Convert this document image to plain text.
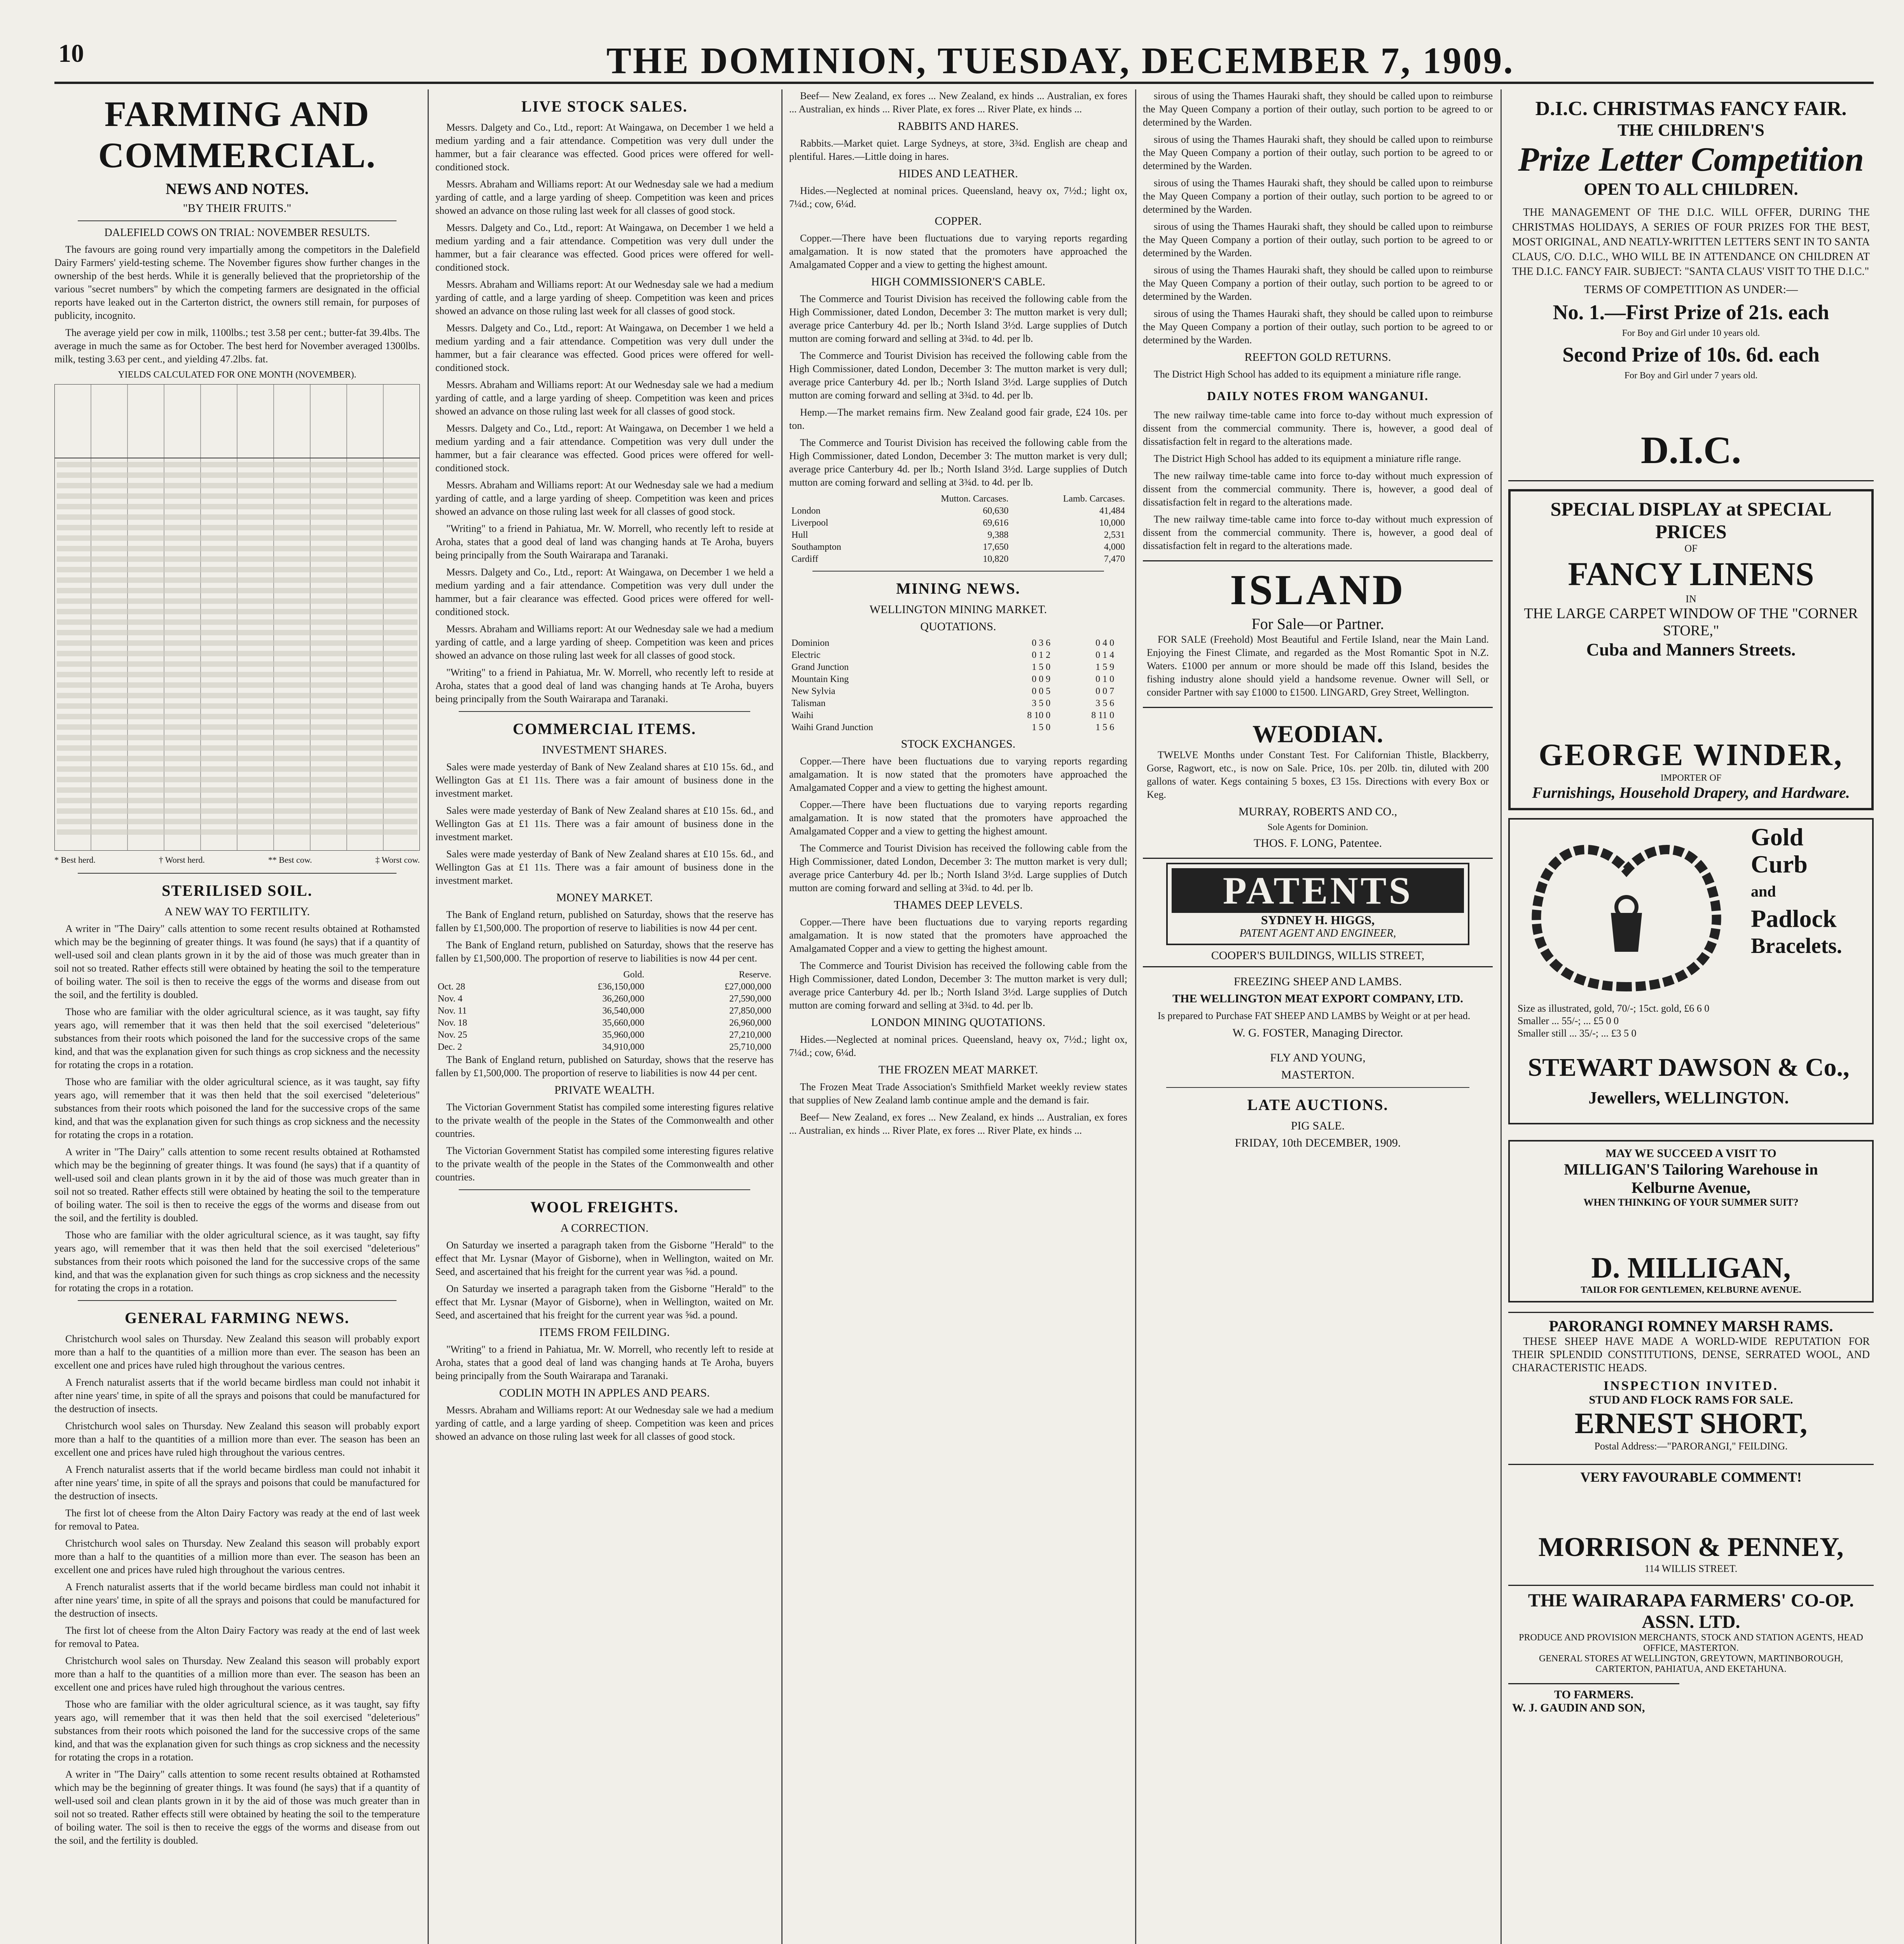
10	THE DOMINION, TUESDAY, DECEMBER 7, 1909.
FARMING AND COMMERCIAL.
NEWS AND NOTES.
"BY THEIR FRUITS."
DALEFIELD COWS ON TRIAL: NOVEMBER RESULTS.

The favours are going round very impartially among the competitors in the Dalefield Dairy Farmers' yield-testing scheme. The November figures show further changes in the ownership of the best herds. While it is generally believed that the proprietorship of the various "secret numbers" by which the competing farmers are designated in the official reports have leaked out in the Carterton district, the owners still remain, for purposes of publicity, incognito.

The average yield per cow in milk, 1100lbs.; test 3.58 per cent.; butter-fat 39.4lbs. The average in much the same as for October. The best herd for November averaged 1300lbs. milk, testing 3.63 per cent., and yielding 47.2lbs. fat.

YIELDS CALCULATED FOR ONE MONTH (NOVEMBER).
* Best herd.	† Worst herd.	** Best cow.	‡ Worst cow.
STERILISED SOIL.
A NEW WAY TO FERTILITY.

A writer in "The Dairy" calls attention to some recent results obtained at Rothamsted which may be the beginning of greater things. It was found (he says) that if a quantity of well-used soil and clean plants grown in it by the aid of those was much greater than in soil not so treated. Rather effects still were obtained by heating the soil to the temperature of boiling water. The soil is then to receive the eggs of the worms and disease from out the soil, and the fertility is doubled.

Those who are familiar with the older agricultural science, as it was taught, say fifty years ago, will remember that it was then held that the soil exercised "deleterious" substances from their roots which poisoned the land for the successive crops of the same kind, and that was the explanation given for such things as crop sickness and the necessity for rotating the crops in a rotation.

Those who are familiar with the older agricultural science, as it was taught, say fifty years ago, will remember that it was then held that the soil exercised "deleterious" substances from their roots which poisoned the land for the successive crops of the same kind, and that was the explanation given for such things as crop sickness and the necessity for rotating the crops in a rotation.

A writer in "The Dairy" calls attention to some recent results obtained at Rothamsted which may be the beginning of greater things. It was found (he says) that if a quantity of well-used soil and clean plants grown in it by the aid of those was much greater than in soil not so treated. Rather effects still were obtained by heating the soil to the temperature of boiling water. The soil is then to receive the eggs of the worms and disease from out the soil, and the fertility is doubled.

Those who are familiar with the older agricultural science, as it was taught, say fifty years ago, will remember that it was then held that the soil exercised "deleterious" substances from their roots which poisoned the land for the successive crops of the same kind, and that was the explanation given for such things as crop sickness and the necessity for rotating the crops in a rotation.

GENERAL FARMING NEWS.

Christchurch wool sales on Thursday. New Zealand this season will probably export more than a half to the quantities of a million more than ever. The season has been an excellent one and prices have ruled high throughout the various centres.

A French naturalist asserts that if the world became birdless man could not inhabit it after nine years' time, in spite of all the sprays and poisons that could be manufactured for the destruction of insects.

Christchurch wool sales on Thursday. New Zealand this season will probably export more than a half to the quantities of a million more than ever. The season has been an excellent one and prices have ruled high throughout the various centres.

A French naturalist asserts that if the world became birdless man could not inhabit it after nine years' time, in spite of all the sprays and poisons that could be manufactured for the destruction of insects.

The first lot of cheese from the Alton Dairy Factory was ready at the end of last week for removal to Patea.

Christchurch wool sales on Thursday. New Zealand this season will probably export more than a half to the quantities of a million more than ever. The season has been an excellent one and prices have ruled high throughout the various centres.

A French naturalist asserts that if the world became birdless man could not inhabit it after nine years' time, in spite of all the sprays and poisons that could be manufactured for the destruction of insects.

The first lot of cheese from the Alton Dairy Factory was ready at the end of last week for removal to Patea.

Christchurch wool sales on Thursday. New Zealand this season will probably export more than a half to the quantities of a million more than ever. The season has been an excellent one and prices have ruled high throughout the various centres.

Those who are familiar with the older agricultural science, as it was taught, say fifty years ago, will remember that it was then held that the soil exercised "deleterious" substances from their roots which poisoned the land for the successive crops of the same kind, and that was the explanation given for such things as crop sickness and the necessity for rotating the crops in a rotation.

A writer in "The Dairy" calls attention to some recent results obtained at Rothamsted which may be the beginning of greater things. It was found (he says) that if a quantity of well-used soil and clean plants grown in it by the aid of those was much greater than in soil not so treated. Rather effects still were obtained by heating the soil to the temperature of boiling water. The soil is then to receive the eggs of the worms and disease from out the soil, and the fertility is doubled.

LIVE STOCK SALES.

Messrs. Dalgety and Co., Ltd., report: At Waingawa, on December 1 we held a medium yarding and a fair attendance. Competition was very dull under the hammer, but a fair clearance was effected. Good prices were offered for well-conditioned stock.

Messrs. Abraham and Williams report: At our Wednesday sale we had a medium yarding of cattle, and a large yarding of sheep. Competition was keen and prices showed an advance on those ruling last week for all classes of good stock.

Messrs. Dalgety and Co., Ltd., report: At Waingawa, on December 1 we held a medium yarding and a fair attendance. Competition was very dull under the hammer, but a fair clearance was effected. Good prices were offered for well-conditioned stock.

Messrs. Abraham and Williams report: At our Wednesday sale we had a medium yarding of cattle, and a large yarding of sheep. Competition was keen and prices showed an advance on those ruling last week for all classes of good stock.

Messrs. Dalgety and Co., Ltd., report: At Waingawa, on December 1 we held a medium yarding and a fair attendance. Competition was very dull under the hammer, but a fair clearance was effected. Good prices were offered for well-conditioned stock.

Messrs. Abraham and Williams report: At our Wednesday sale we had a medium yarding of cattle, and a large yarding of sheep. Competition was keen and prices showed an advance on those ruling last week for all classes of good stock.

Messrs. Dalgety and Co., Ltd., report: At Waingawa, on December 1 we held a medium yarding and a fair attendance. Competition was very dull under the hammer, but a fair clearance was effected. Good prices were offered for well-conditioned stock.

Messrs. Abraham and Williams report: At our Wednesday sale we had a medium yarding of cattle, and a large yarding of sheep. Competition was keen and prices showed an advance on those ruling last week for all classes of good stock.

"Writing" to a friend in Pahiatua, Mr. W. Morrell, who recently left to reside at Aroha, states that a good deal of land was changing hands at Te Aroha, buyers being principally from the South Wairarapa and Taranaki.

Messrs. Dalgety and Co., Ltd., report: At Waingawa, on December 1 we held a medium yarding and a fair attendance. Competition was very dull under the hammer, but a fair clearance was effected. Good prices were offered for well-conditioned stock.

Messrs. Abraham and Williams report: At our Wednesday sale we had a medium yarding of cattle, and a large yarding of sheep. Competition was keen and prices showed an advance on those ruling last week for all classes of good stock.

"Writing" to a friend in Pahiatua, Mr. W. Morrell, who recently left to reside at Aroha, states that a good deal of land was changing hands at Te Aroha, buyers being principally from the South Wairarapa and Taranaki.

COMMERCIAL ITEMS.
INVESTMENT SHARES.

Sales were made yesterday of Bank of New Zealand shares at £10 15s. 6d., and Wellington Gas at £1 11s. There was a fair amount of business done in the investment market.

Sales were made yesterday of Bank of New Zealand shares at £10 15s. 6d., and Wellington Gas at £1 11s. There was a fair amount of business done in the investment market.

Sales were made yesterday of Bank of New Zealand shares at £10 15s. 6d., and Wellington Gas at £1 11s. There was a fair amount of business done in the investment market.

MONEY MARKET.

The Bank of England return, published on Saturday, shows that the reserve has fallen by £1,500,000. The proportion of reserve to liabilities is now 44 per cent.

The Bank of England return, published on Saturday, shows that the reserve has fallen by £1,500,000. The proportion of reserve to liabilities is now 44 per cent.

	Gold.	Reserve.
Oct. 28	£36,150,000	£27,000,000
Nov. 4	36,260,000	27,590,000
Nov. 11	36,540,000	27,850,000
Nov. 18	35,660,000	26,960,000
Nov. 25	35,960,000	27,210,000
Dec. 2	34,910,000	25,710,000

The Bank of England return, published on Saturday, shows that the reserve has fallen by £1,500,000. The proportion of reserve to liabilities is now 44 per cent.

PRIVATE WEALTH.

The Victorian Government Statist has compiled some interesting figures relative to the private wealth of the people in the States of the Commonwealth and other countries.

The Victorian Government Statist has compiled some interesting figures relative to the private wealth of the people in the States of the Commonwealth and other countries.

WOOL FREIGHTS.
A CORRECTION.

On Saturday we inserted a paragraph taken from the Gisborne "Herald" to the effect that Mr. Lysnar (Mayor of Gisborne), when in Wellington, waited on Mr. Seed, and ascertained that his freight for the current year was ⅝d. a pound.

On Saturday we inserted a paragraph taken from the Gisborne "Herald" to the effect that Mr. Lysnar (Mayor of Gisborne), when in Wellington, waited on Mr. Seed, and ascertained that his freight for the current year was ⅝d. a pound.

ITEMS FROM FEILDING.

"Writing" to a friend in Pahiatua, Mr. W. Morrell, who recently left to reside at Aroha, states that a good deal of land was changing hands at Te Aroha, buyers being principally from the South Wairarapa and Taranaki.

CODLIN MOTH IN APPLES AND PEARS.

Messrs. Abraham and Williams report: At our Wednesday sale we had a medium yarding of cattle, and a large yarding of sheep. Competition was keen and prices showed an advance on those ruling last week for all classes of good stock.

Beef— New Zealand, ex fores ... New Zealand, ex hinds ... Australian, ex fores ... Australian, ex hinds ... River Plate, ex fores ... River Plate, ex hinds ...

RABBITS AND HARES.

Rabbits.—Market quiet. Large Sydneys, at store, 3¾d. English are cheap and plentiful. Hares.—Little doing in hares.

HIDES AND LEATHER.

Hides.—Neglected at nominal prices. Queensland, heavy ox, 7½d.; light ox, 7¼d.; cow, 6¼d.

COPPER.

Copper.—There have been fluctuations due to varying reports regarding amalgamation. It is now stated that the promoters have approached the Amalgamated Copper and a view to getting the highest amount.

HIGH COMMISSIONER'S CABLE.

The Commerce and Tourist Division has received the following cable from the High Commissioner, dated London, December 3: The mutton market is very dull; average price Canterbury 4d. per lb.; North Island 3½d. Large supplies of Dutch mutton are coming forward and selling at 3¾d. to 4d. per lb.

The Commerce and Tourist Division has received the following cable from the High Commissioner, dated London, December 3: The mutton market is very dull; average price Canterbury 4d. per lb.; North Island 3½d. Large supplies of Dutch mutton are coming forward and selling at 3¾d. to 4d. per lb.

Hemp.—The market remains firm. New Zealand good fair grade, £24 10s. per ton.

The Commerce and Tourist Division has received the following cable from the High Commissioner, dated London, December 3: The mutton market is very dull; average price Canterbury 4d. per lb.; North Island 3½d. Large supplies of Dutch mutton are coming forward and selling at 3¾d. to 4d. per lb.

	Mutton. Carcases.	Lamb. Carcases.
London	60,630	41,484
Liverpool	69,616	10,000
Hull	9,388	2,531
Southampton	17,650	4,000
Cardiff	10,820	7,470
MINING NEWS.
WELLINGTON MINING MARKET.
QUOTATIONS.
Dominion	0 3 6	0 4 0	
Electric	0 1 2	0 1 4	
Grand Junction	1 5 0	1 5 9	
Mountain King	0 0 9	0 1 0	
New Sylvia	0 0 5	0 0 7	
Talisman	3 5 0	3 5 6	
Waihi	8 10 0	8 11 0	
Waihi Grand Junction	1 5 0	1 5 6	
STOCK EXCHANGES.

Copper.—There have been fluctuations due to varying reports regarding amalgamation. It is now stated that the promoters have approached the Amalgamated Copper and a view to getting the highest amount.

Copper.—There have been fluctuations due to varying reports regarding amalgamation. It is now stated that the promoters have approached the Amalgamated Copper and a view to getting the highest amount.

The Commerce and Tourist Division has received the following cable from the High Commissioner, dated London, December 3: The mutton market is very dull; average price Canterbury 4d. per lb.; North Island 3½d. Large supplies of Dutch mutton are coming forward and selling at 3¾d. to 4d. per lb.

THAMES DEEP LEVELS.

Copper.—There have been fluctuations due to varying reports regarding amalgamation. It is now stated that the promoters have approached the Amalgamated Copper and a view to getting the highest amount.

The Commerce and Tourist Division has received the following cable from the High Commissioner, dated London, December 3: The mutton market is very dull; average price Canterbury 4d. per lb.; North Island 3½d. Large supplies of Dutch mutton are coming forward and selling at 3¾d. to 4d. per lb.

LONDON MINING QUOTATIONS.

Hides.—Neglected at nominal prices. Queensland, heavy ox, 7½d.; light ox, 7¼d.; cow, 6¼d.

THE FROZEN MEAT MARKET.

The Frozen Meat Trade Association's Smithfield Market weekly review states that supplies of New Zealand lamb continue ample and the demand is fair.

Beef— New Zealand, ex fores ... New Zealand, ex hinds ... Australian, ex fores ... Australian, ex hinds ... River Plate, ex fores ... River Plate, ex hinds ...

sirous of using the Thames Hauraki shaft, they should be called upon to reimburse the May Queen Company a portion of their outlay, such portion to be agreed to or determined by the Warden.

sirous of using the Thames Hauraki shaft, they should be called upon to reimburse the May Queen Company a portion of their outlay, such portion to be agreed to or determined by the Warden.

sirous of using the Thames Hauraki shaft, they should be called upon to reimburse the May Queen Company a portion of their outlay, such portion to be agreed to or determined by the Warden.

sirous of using the Thames Hauraki shaft, they should be called upon to reimburse the May Queen Company a portion of their outlay, such portion to be agreed to or determined by the Warden.

sirous of using the Thames Hauraki shaft, they should be called upon to reimburse the May Queen Company a portion of their outlay, such portion to be agreed to or determined by the Warden.

sirous of using the Thames Hauraki shaft, they should be called upon to reimburse the May Queen Company a portion of their outlay, such portion to be agreed to or determined by the Warden.

REEFTON GOLD RETURNS.

The District High School has added to its equipment a miniature rifle range.

DAILY NOTES FROM WANGANUI.

The new railway time-table came into force to-day without much expression of dissent from the commercial community. There is, however, a good deal of dissatisfaction felt in regard to the alterations made.

The District High School has added to its equipment a miniature rifle range.

The new railway time-table came into force to-day without much expression of dissent from the commercial community. There is, however, a good deal of dissatisfaction felt in regard to the alterations made.

The new railway time-table came into force to-day without much expression of dissent from the commercial community. There is, however, a good deal of dissatisfaction felt in regard to the alterations made.

ISLAND
For Sale—or Partner.

FOR SALE (Freehold) Most Beautiful and Fertile Island, near the Main Land. Enjoying the Finest Climate, and regarded as the Most Romantic Spot in N.Z. Waters. £1000 per annum or more should be made off this Island, besides the fishing industry alone should yield a handsome revenue. Owner will Sell, or consider Partner with say £1000 to £1500. LINGARD, Grey Street, Wellington.

WEODIAN.

TWELVE Months under Constant Test. For Californian Thistle, Blackberry, Gorse, Ragwort, etc., is now on Sale. Price, 10s. per 20lb. tin, diluted with 200 gallons of water. Kegs containing 5 boxes, £3 15s. Directions with every Box or Keg.

MURRAY, ROBERTS AND CO.,
Sole Agents for Dominion.
THOS. F. LONG, Patentee.
PATENTS
SYDNEY H. HIGGS,
PATENT AGENT AND ENGINEER,
COOPER'S BUILDINGS, WILLIS STREET,
FREEZING SHEEP AND LAMBS.
THE WELLINGTON MEAT EXPORT COMPANY, LTD.

Is prepared to Purchase FAT SHEEP AND LAMBS by Weight or at per head.

W. G. FOSTER, Managing Director.
FLY AND YOUNG,
MASTERTON.
LATE AUCTIONS.
PIG SALE.
FRIDAY, 10th DECEMBER, 1909.
D.I.C. CHRISTMAS FANCY FAIR.
THE CHILDREN'S
Prize Letter Competition
OPEN TO ALL CHILDREN.

THE MANAGEMENT OF THE D.I.C. WILL OFFER, DURING THE CHRISTMAS HOLIDAYS, A SERIES OF FOUR PRIZES FOR THE BEST, MOST ORIGINAL, AND NEATLY-WRITTEN LETTERS SENT IN TO SANTA CLAUS, C/O. D.I.C., WHO WILL BE IN ATTENDANCE ON CHILDREN AT THE D.I.C. FANCY FAIR. SUBJECT: "SANTA CLAUS' VISIT TO THE D.I.C."

TERMS OF COMPETITION AS UNDER:—
No. 1.—First Prize of 21s. each
For Boy and Girl under 10 years old.
Second Prize of 10s. 6d. each
For Boy and Girl under 7 years old.
D.I.C.
SPECIAL DISPLAY at SPECIAL PRICES
OF
FANCY LINENS
IN
THE LARGE CARPET WINDOW OF THE "CORNER STORE,"
Cuba and Manners Streets.
GEORGE WINDER,
IMPORTER OF
Furnishings, Household Drapery, and Hardware.
Gold
Curb
and
Padlock
Bracelets.
Size as illustrated, gold, 70/-; 15ct. gold, £6 6 0
Smaller ... 55/-; ... £5 0 0
Smaller still ... 35/-; ... £3 5 0
STEWART DAWSON & Co.,
Jewellers, WELLINGTON.
MAY WE SUCCEED A VISIT TO
MILLIGAN'S Tailoring Warehouse in
Kelburne Avenue,
WHEN THINKING OF YOUR SUMMER SUIT?
D. MILLIGAN,
TAILOR FOR GENTLEMEN, KELBURNE AVENUE.
PARORANGI ROMNEY MARSH RAMS.

THESE SHEEP HAVE MADE A WORLD-WIDE REPUTATION FOR THEIR SPLENDID CONSTITUTIONS, DENSE, SERRATED WOOL, AND CHARACTERISTIC HEADS.

INSPECTION INVITED.
STUD AND FLOCK RAMS FOR SALE.
ERNEST SHORT,
Postal Address:—"PARORANGI," FEILDING.
VERY FAVOURABLE COMMENT!
MORRISON & PENNEY,
114 WILLIS STREET.
THE WAIRARAPA FARMERS' CO-OP. ASSN. LTD.
PRODUCE AND PROVISION MERCHANTS, STOCK AND STATION AGENTS, HEAD OFFICE, MASTERTON.
GENERAL STORES AT WELLINGTON, GREYTOWN, MARTINBOROUGH, CARTERTON, PAHIATUA, AND EKETAHUNA.
TO FARMERS.
W. J. GAUDIN AND SON,
